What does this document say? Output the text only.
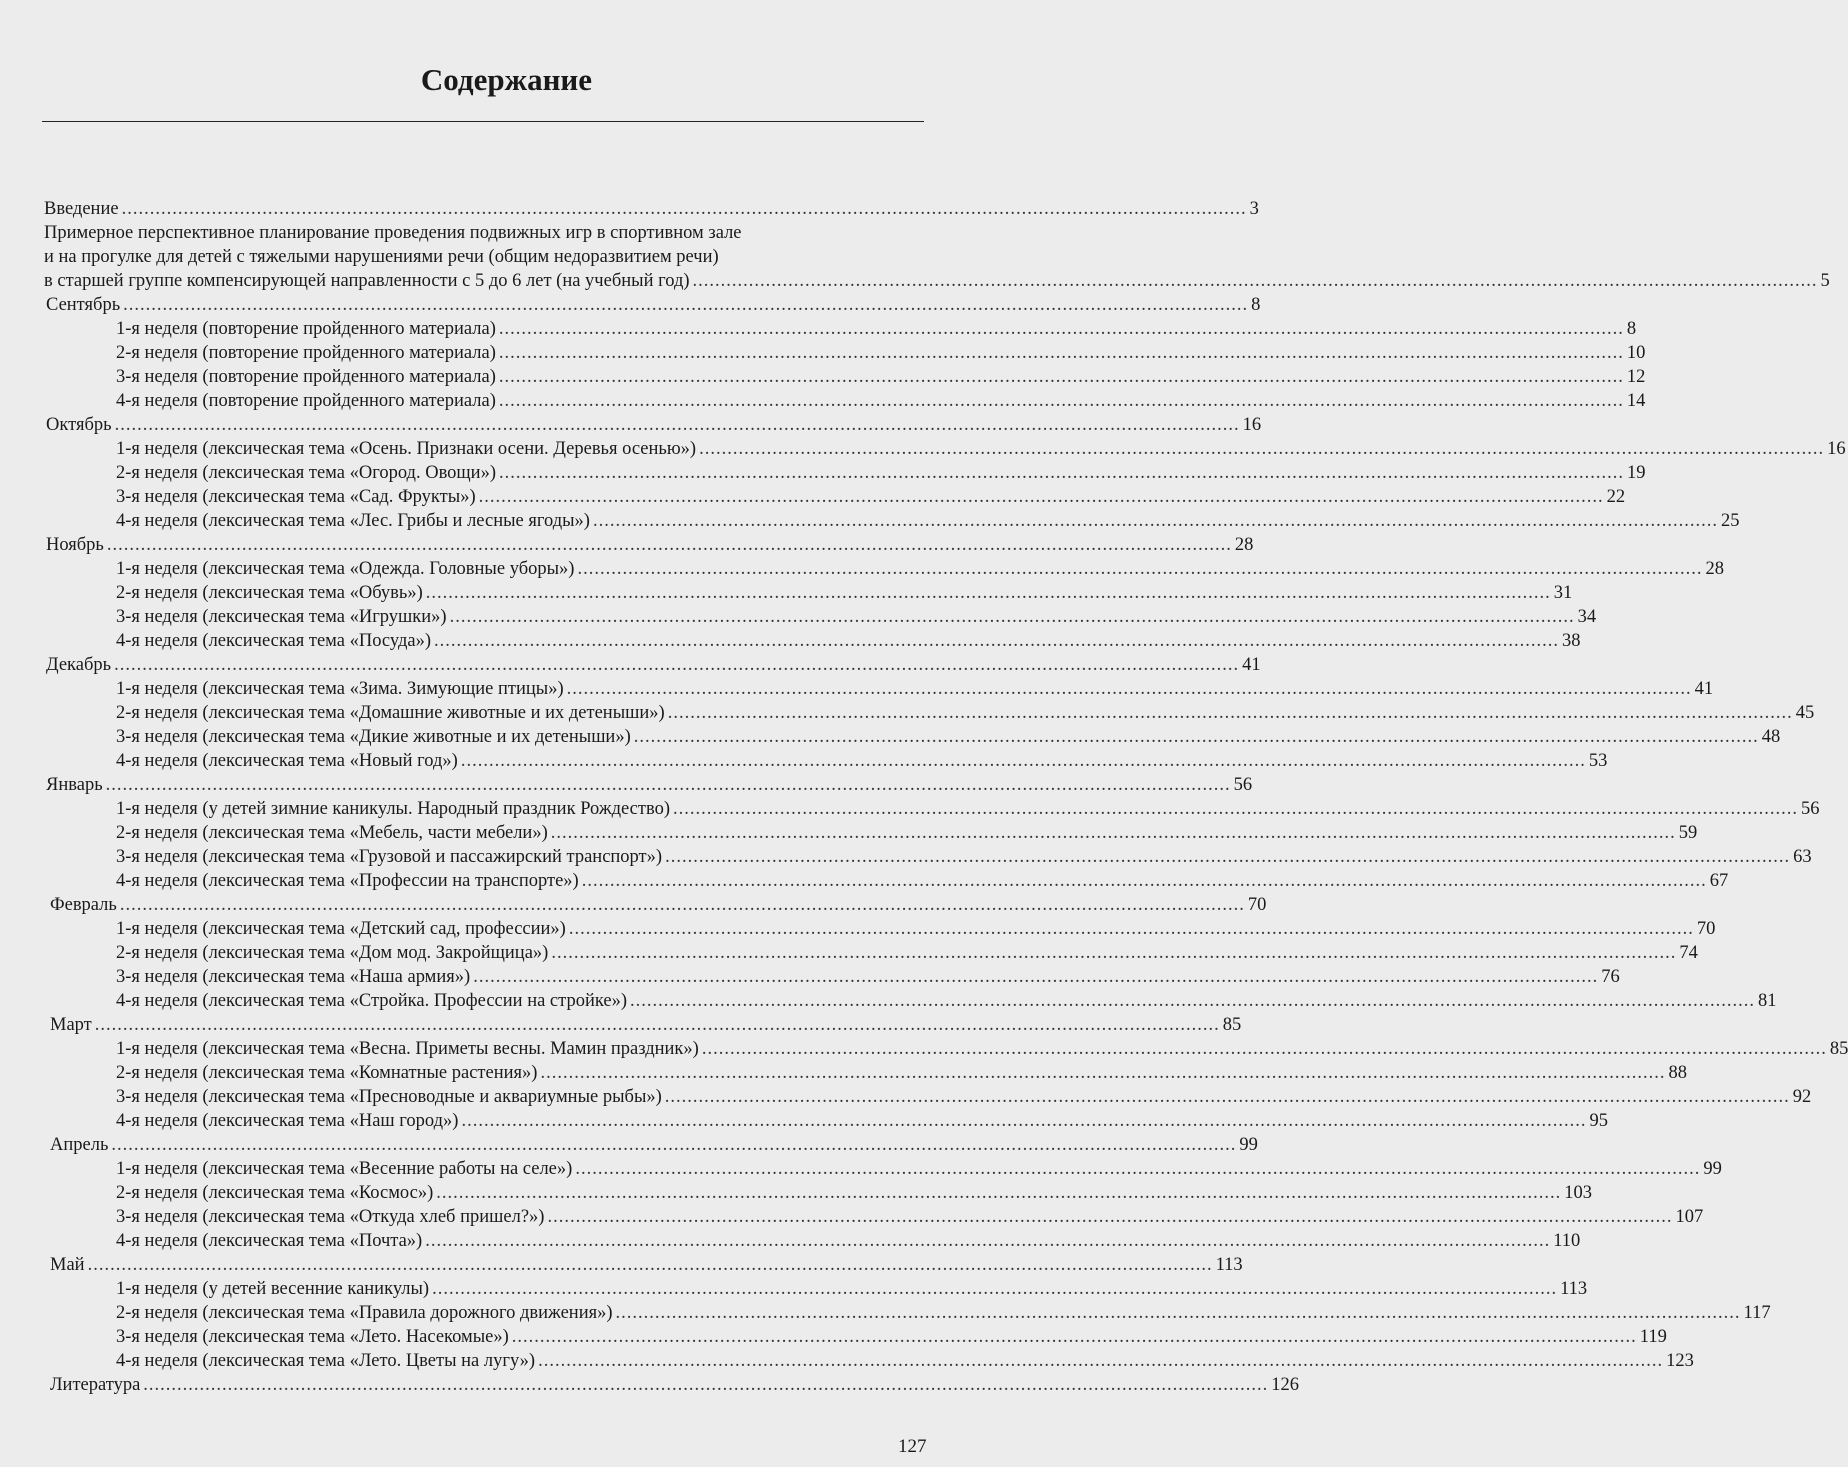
Содержание
Введение ........................................................................................................................................................................................................ 3
Примерное перспективное планирование проведения подвижных игр в спортивном зале
и на прогулке для детей с тяжелыми нарушениями речи (общим недоразвитием речи)
в старшей группе компенсирующей направленности с 5 до 6 лет (на учебный год) ........................................................................................................................................................................................................ 5
Сентябрь ........................................................................................................................................................................................................ 8
1-я неделя (повторение пройденного материала) ........................................................................................................................................................................................................ 8
2-я неделя (повторение пройденного материала) ........................................................................................................................................................................................................ 10
3-я неделя (повторение пройденного материала) ........................................................................................................................................................................................................ 12
4-я неделя (повторение пройденного материала) ........................................................................................................................................................................................................ 14
Октябрь ........................................................................................................................................................................................................ 16
1-я неделя (лексическая тема «Осень. Признаки осени. Деревья осенью») ........................................................................................................................................................................................................ 16
2-я неделя (лексическая тема «Огород. Овощи») ........................................................................................................................................................................................................ 19
3-я неделя (лексическая тема «Сад. Фрукты») ........................................................................................................................................................................................................ 22
4-я неделя (лексическая тема «Лес. Грибы и лесные ягоды») ........................................................................................................................................................................................................ 25
Ноябрь ........................................................................................................................................................................................................ 28
1-я неделя (лексическая тема «Одежда. Головные уборы») ........................................................................................................................................................................................................ 28
2-я неделя (лексическая тема «Обувь») ........................................................................................................................................................................................................ 31
3-я неделя (лексическая тема «Игрушки») ........................................................................................................................................................................................................ 34
4-я неделя (лексическая тема «Посуда») ........................................................................................................................................................................................................ 38
Декабрь ........................................................................................................................................................................................................ 41
1-я неделя (лексическая тема «Зима. Зимующие птицы») ........................................................................................................................................................................................................ 41
2-я неделя (лексическая тема «Домашние животные и их детеныши») ........................................................................................................................................................................................................ 45
3-я неделя (лексическая тема «Дикие животные и их детеныши») ........................................................................................................................................................................................................ 48
4-я неделя (лексическая тема «Новый год») ........................................................................................................................................................................................................ 53
Январь ........................................................................................................................................................................................................ 56
1-я неделя (у детей зимние каникулы. Народный праздник Рождество) ........................................................................................................................................................................................................ 56
2-я неделя (лексическая тема «Мебель, части мебели») ........................................................................................................................................................................................................ 59
3-я неделя (лексическая тема «Грузовой и пассажирский транспорт») ........................................................................................................................................................................................................ 63
4-я неделя (лексическая тема «Профессии на транспорте») ........................................................................................................................................................................................................ 67
Февраль ........................................................................................................................................................................................................ 70
1-я неделя (лексическая тема «Детский сад, профессии») ........................................................................................................................................................................................................ 70
2-я неделя (лексическая тема «Дом мод. Закройщица») ........................................................................................................................................................................................................ 74
3-я неделя (лексическая тема «Наша армия») ........................................................................................................................................................................................................ 76
4-я неделя (лексическая тема «Стройка. Профессии на стройке») ........................................................................................................................................................................................................ 81
Март ........................................................................................................................................................................................................ 85
1-я неделя (лексическая тема «Весна. Приметы весны. Мамин праздник») ........................................................................................................................................................................................................ 85
2-я неделя (лексическая тема «Комнатные растения») ........................................................................................................................................................................................................ 88
3-я неделя (лексическая тема «Пресноводные и аквариумные рыбы») ........................................................................................................................................................................................................ 92
4-я неделя (лексическая тема «Наш город») ........................................................................................................................................................................................................ 95
Апрель ........................................................................................................................................................................................................ 99
1-я неделя (лексическая тема «Весенние работы на селе») ........................................................................................................................................................................................................ 99
2-я неделя (лексическая тема «Космос») ........................................................................................................................................................................................................ 103
3-я неделя (лексическая тема «Откуда хлеб пришел?») ........................................................................................................................................................................................................ 107
4-я неделя (лексическая тема «Почта») ........................................................................................................................................................................................................ 110
Май ........................................................................................................................................................................................................ 113
1-я неделя (у детей весенние каникулы) ........................................................................................................................................................................................................ 113
2-я неделя (лексическая тема «Правила дорожного движения») ........................................................................................................................................................................................................ 117
3-я неделя (лексическая тема «Лето. Насекомые») ........................................................................................................................................................................................................ 119
4-я неделя (лексическая тема «Лето. Цветы на лугу») ........................................................................................................................................................................................................ 123
Литература ........................................................................................................................................................................................................ 126
127
